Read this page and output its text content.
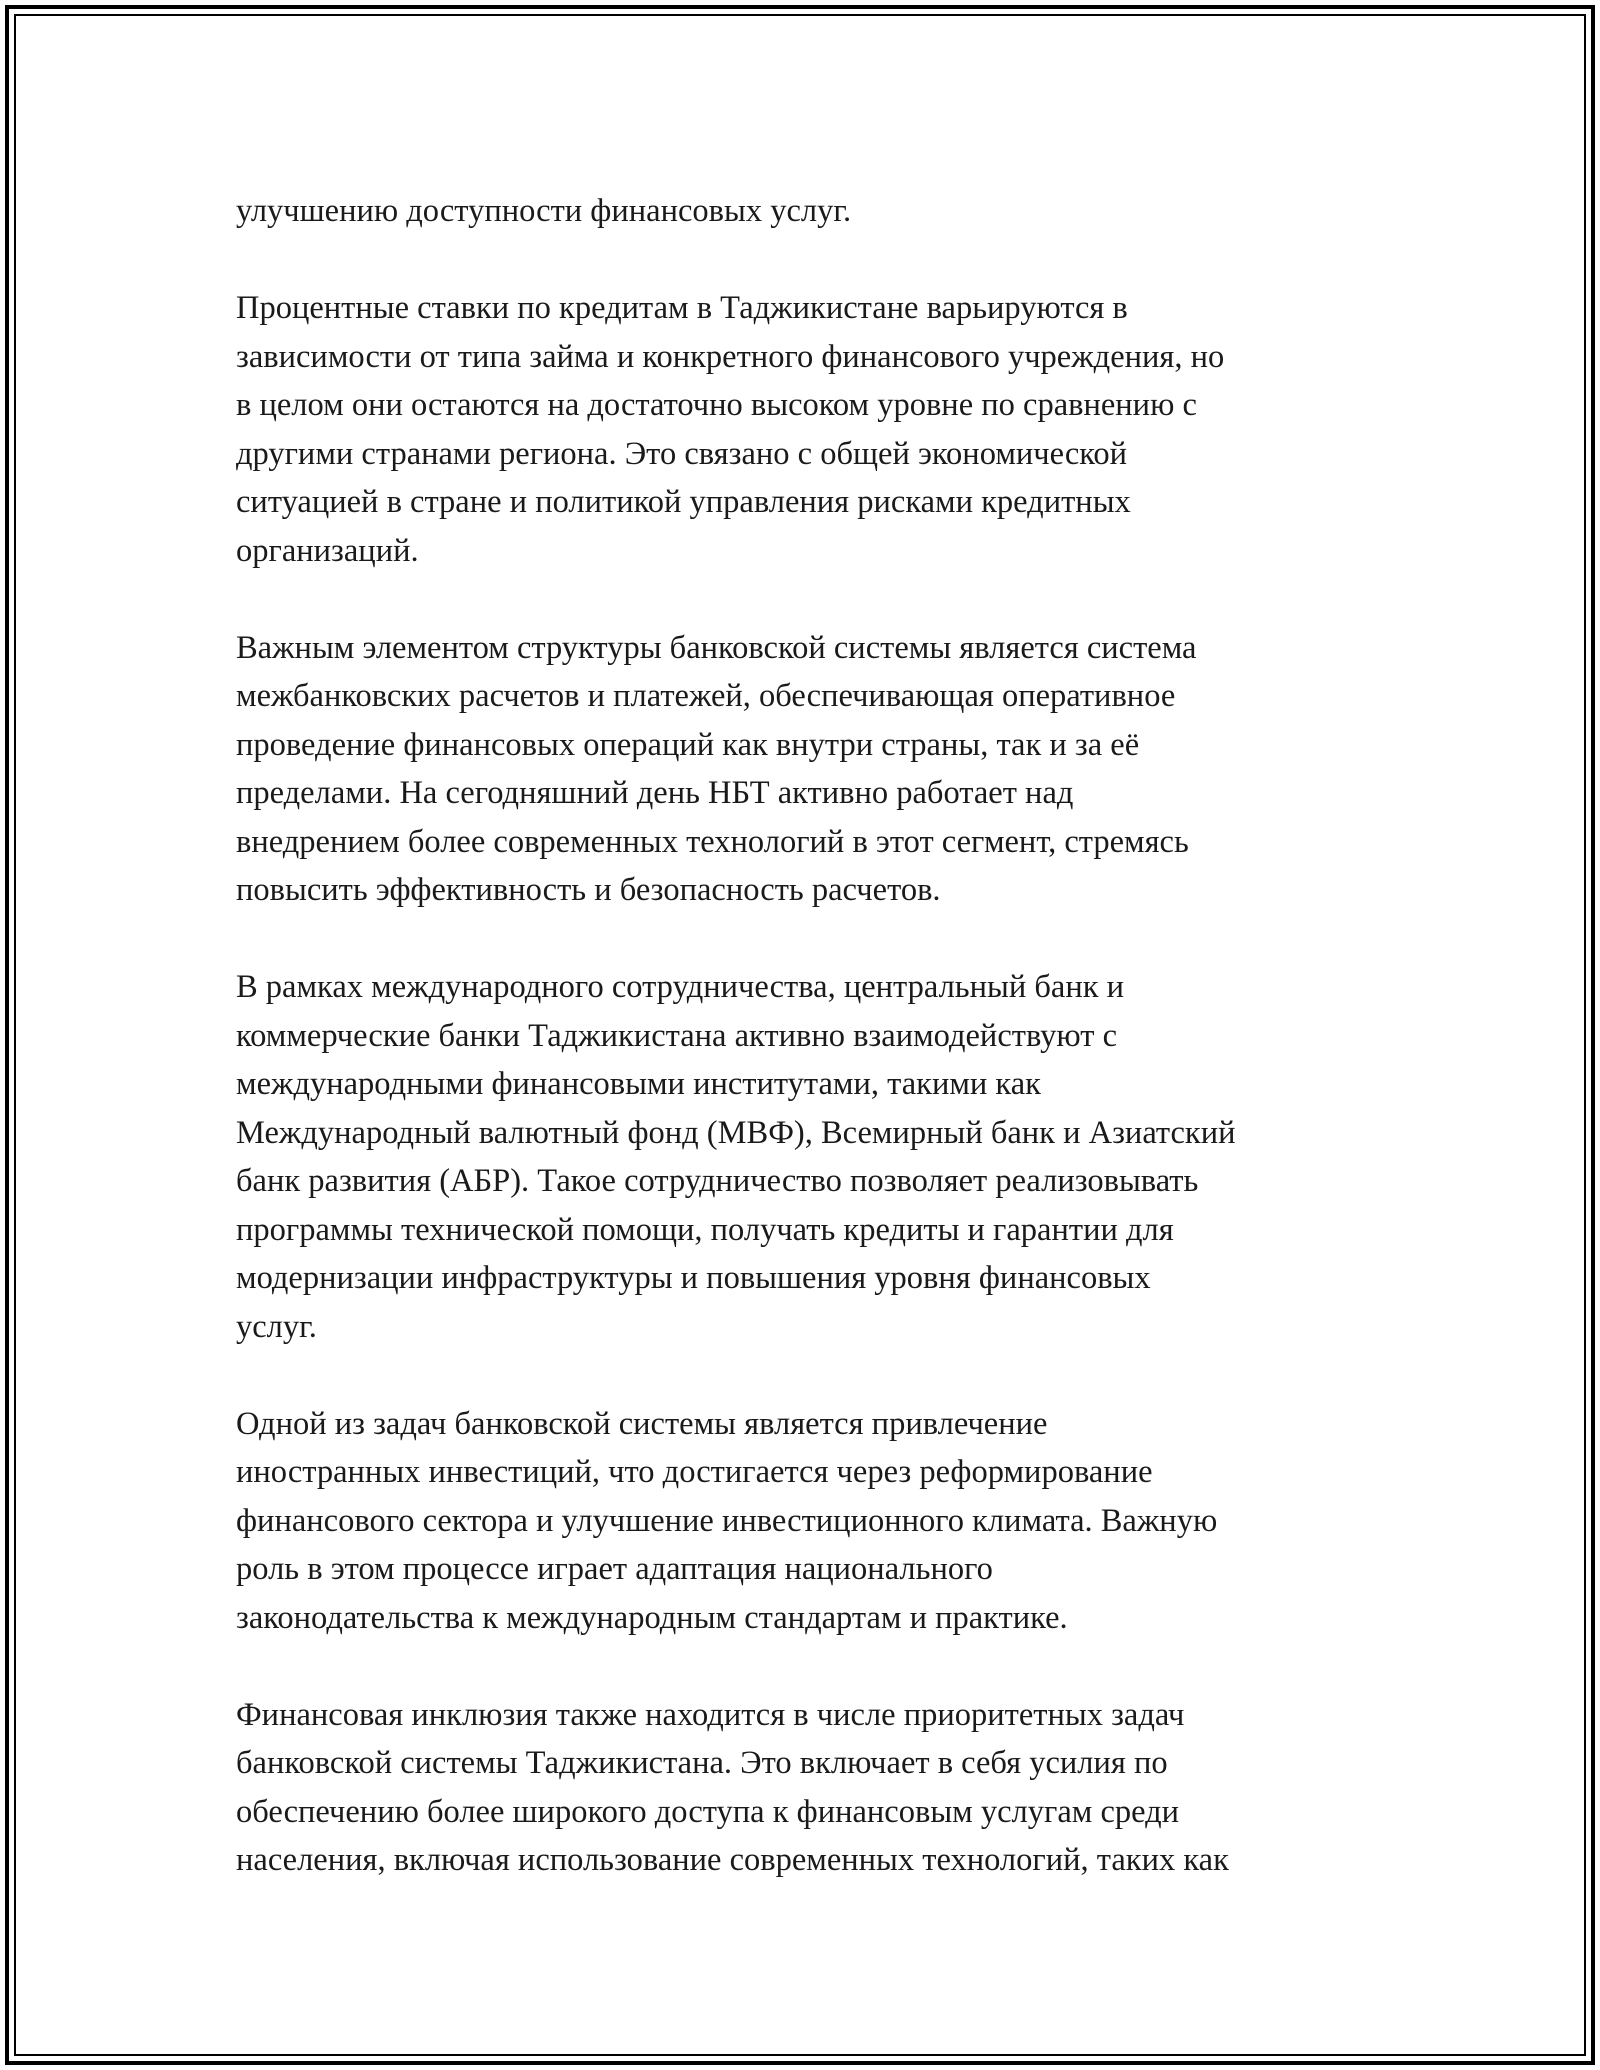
улучшению доступности финансовых услуг.
Процентные ставки по кредитам в Таджикистане варьируются в
зависимости от типа займа и конкретного финансового учреждения, но
в целом они остаются на достаточно высоком уровне по сравнению с
другими странами региона. Это связано с общей экономической
ситуацией в стране и политикой управления рисками кредитных
организаций.
Важным элементом структуры банковской системы является система
межбанковских расчетов и платежей, обеспечивающая оперативное
проведение финансовых операций как внутри страны, так и за её
пределами. На сегодняшний день НБТ активно работает над
внедрением более современных технологий в этот сегмент, стремясь
повысить эффективность и безопасность расчетов.
В рамках международного сотрудничества, центральный банк и
коммерческие банки Таджикистана активно взаимодействуют с
международными финансовыми институтами, такими как
Международный валютный фонд (МВФ), Всемирный банк и Азиатский
банк развития (АБР). Такое сотрудничество позволяет реализовывать
программы технической помощи, получать кредиты и гарантии для
модернизации инфраструктуры и повышения уровня финансовых
услуг.
Одной из задач банковской системы является привлечение
иностранных инвестиций, что достигается через реформирование
финансового сектора и улучшение инвестиционного климата. Важную
роль в этом процессе играет адаптация национального
законодательства к международным стандартам и практике.
Финансовая инклюзия также находится в числе приоритетных задач
банковской системы Таджикистана. Это включает в себя усилия по
обеспечению более широкого доступа к финансовым услугам среди
населения, включая использование современных технологий, таких как
